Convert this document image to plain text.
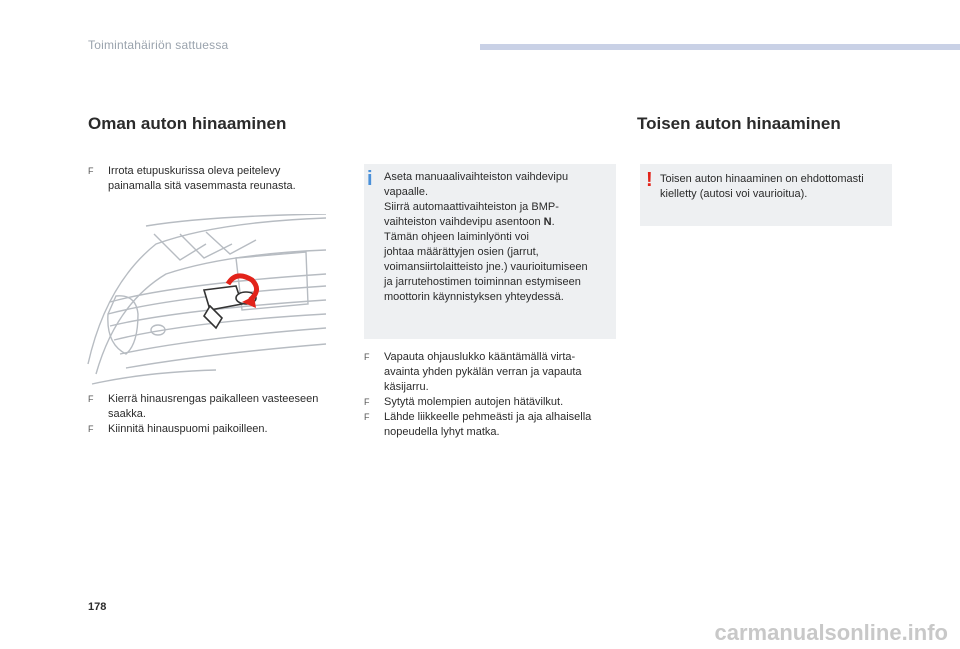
Toimintahäiriön sattuessa
Oman auton hinaaminen
F Irrota etupuskurissa oleva peitelevy
painamalla sitä vasemmasta reunasta.
F Kierrä hinausrengas paikalleen vasteeseen
saakka.
F Kiinnitä hinauspuomi paikoilleen.
i Aseta manuaalivaihteiston vaihdevipu
vapaalle.
Siirrä automaattivaihteiston ja BMP-
vaihteiston vaihdevipu asentoon N.
Tämän ohjeen laiminlyönti voi
johtaa määrättyjen osien (jarrut,
voimansiirtolaitteisto jne.) vaurioitumiseen
ja jarrutehostimen toiminnan estymiseen
moottorin käynnistyksen yhteydessä.
F Vapauta ohjauslukko kääntämällä virta-
avainta yhden pykälän verran ja vapauta
käsijarru.
F Sytytä molempien autojen hätävilkut.
F Lähde liikkeelle pehmeästi ja aja alhaisella
nopeudella lyhyt matka.
Toisen auton hinaaminen
! Toisen auton hinaaminen on ehdottomasti
kielletty (autosi voi vaurioitua).
178
carmanualsonline.info
